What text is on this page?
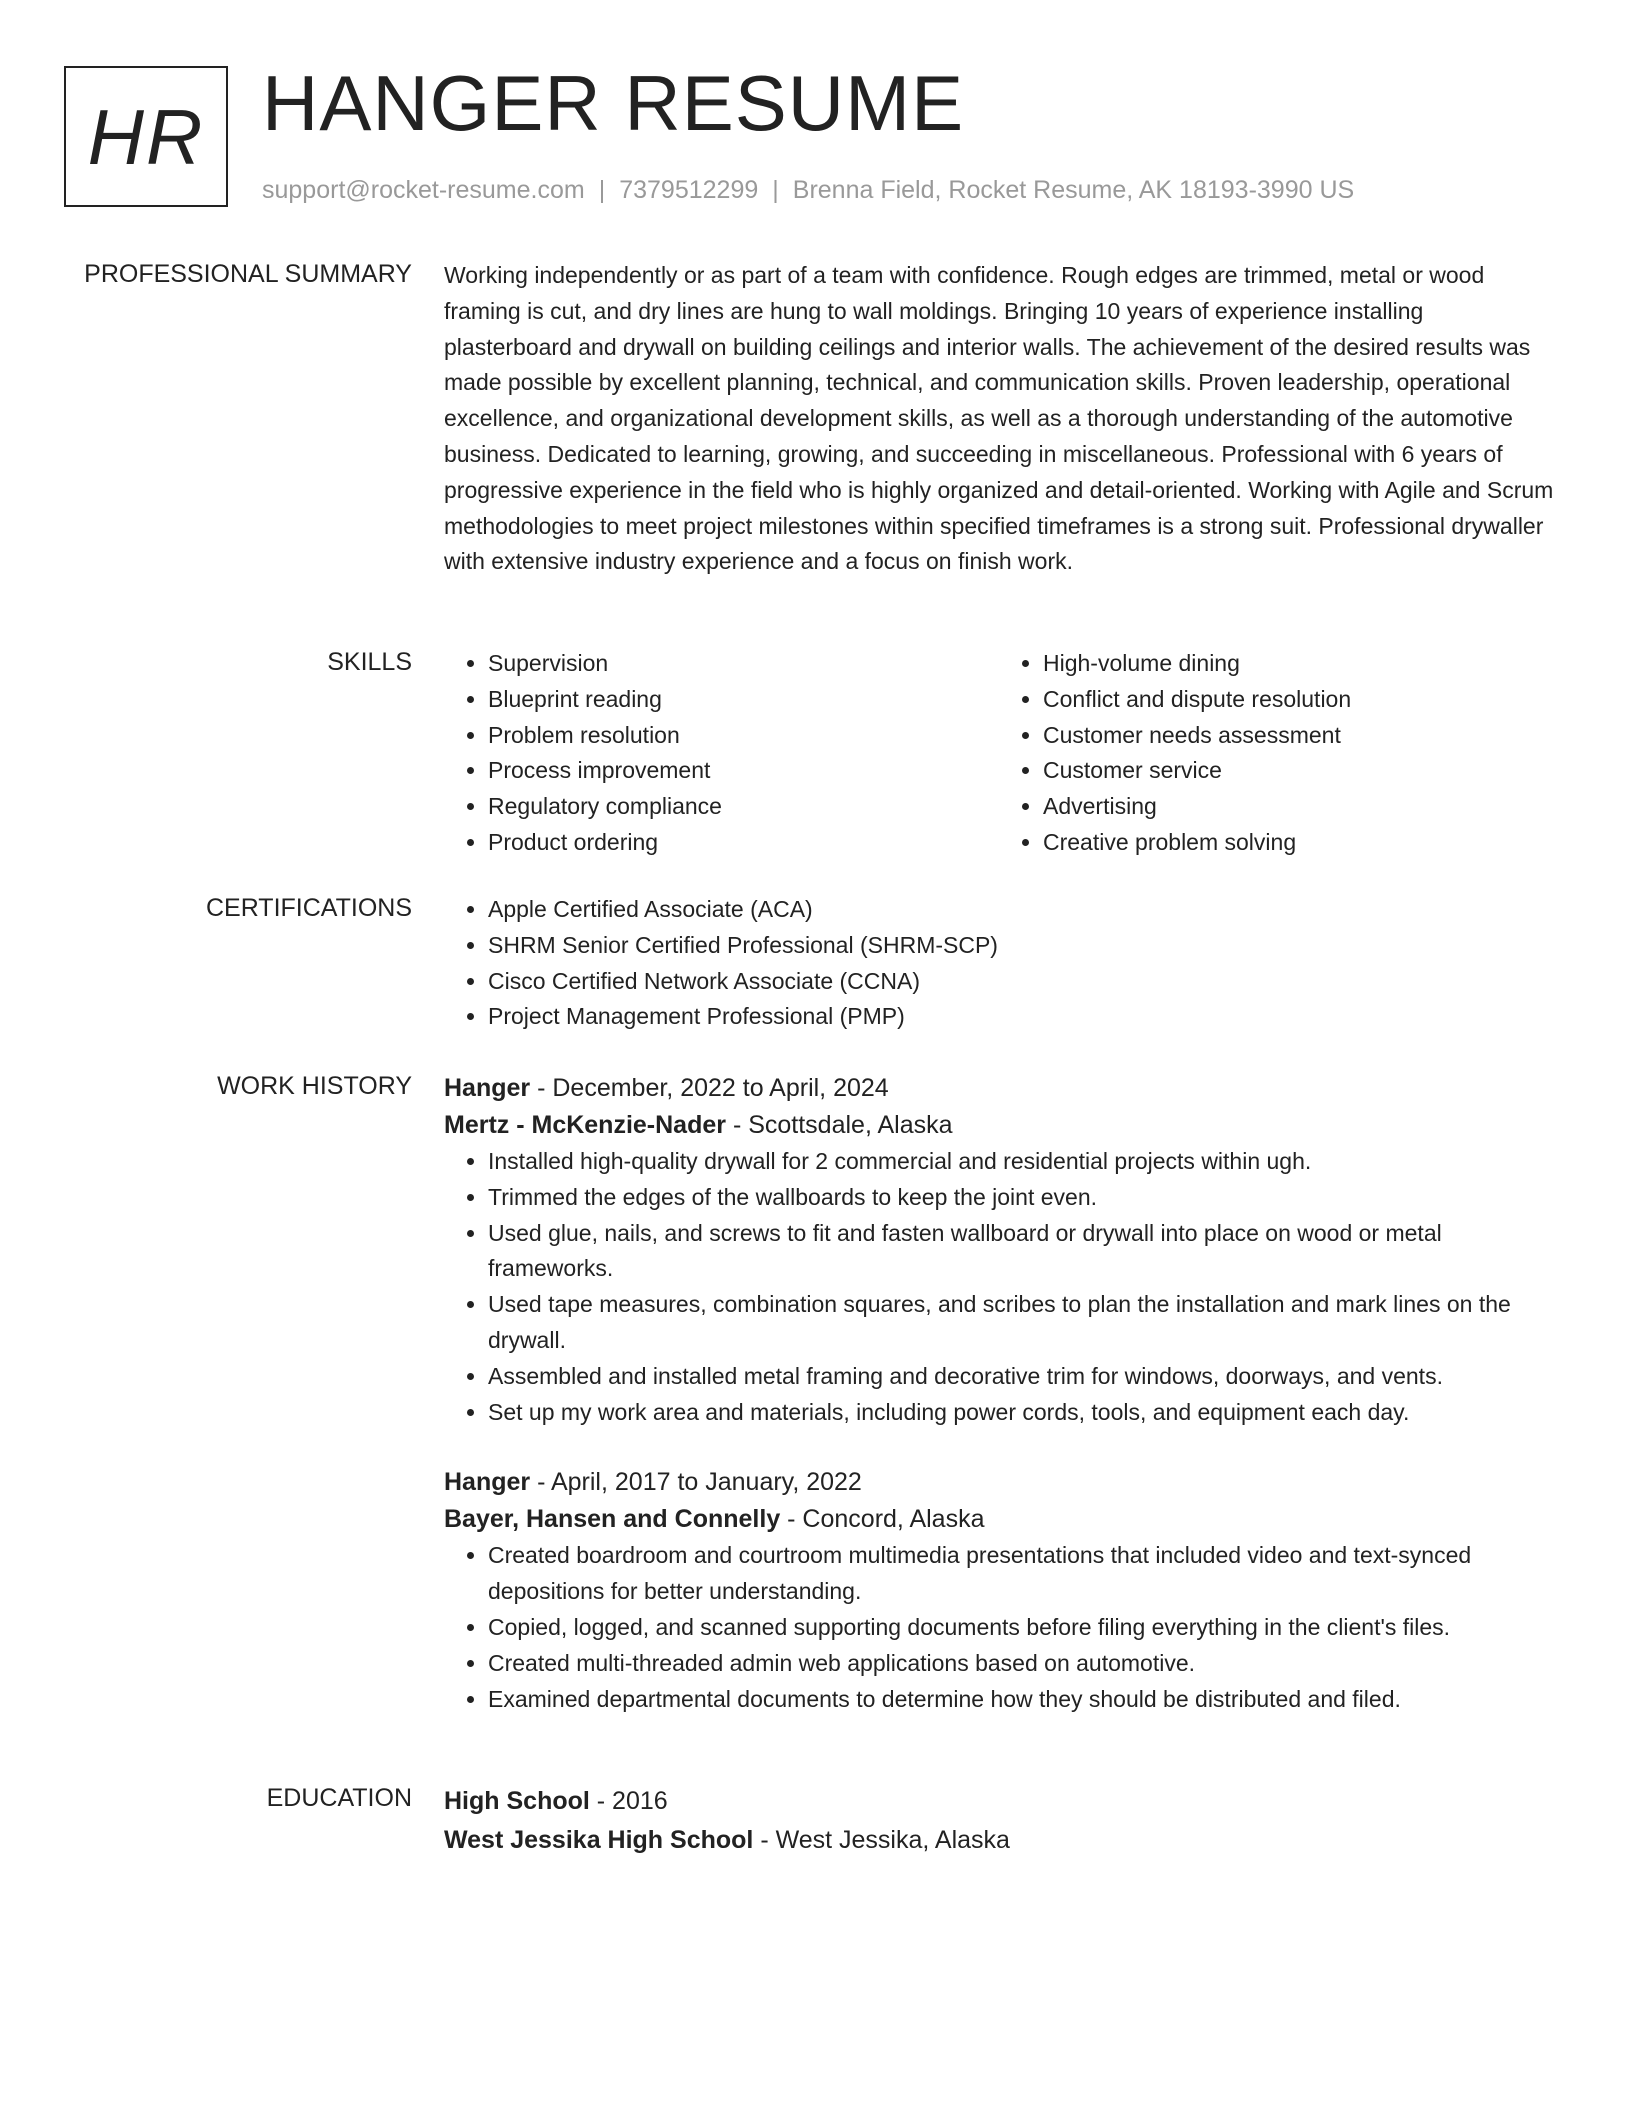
HR HANGER RESUME
support@rocket-resume.com | 7379512299 | Brenna Field, Rocket Resume, AK 18193-3990 US
PROFESSIONAL SUMMARY Working independently or as part of a team with confidence. Rough edges are trimmed, metal or wood framing is cut, and dry lines are hung to wall moldings. Bringing 10 years of experience installing plasterboard and drywall on building ceilings and interior walls. The achievement of the desired results was made possible by excellent planning, technical, and communication skills. Proven leadership, operational excellence, and organizational development skills, as well as a thorough understanding of the automotive business. Dedicated to learning, growing, and succeeding in miscellaneous. Professional with 6 years of progressive experience in the field who is highly organized and detail-oriented. Working with Agile and Scrum methodologies to meet project milestones within specified timeframes is a strong suit. Professional drywaller with extensive industry experience and a focus on finish work.

SKILLS	• Supervision
• Blueprint reading
• Problem resolution
• Process improvement
• Regulatory compliance
• Product ordering
• High-volume dining
• Conflict and dispute resolution
• Customer needs assessment
• Customer service
• Advertising
• Creative problem solving
CERTIFICATIONS	• Apple Certified Associate (ACA)
• SHRM Senior Certified Professional (SHRM-SCP)
• Cisco Certified Network Associate (CCNA)
• Project Management Professional (PMP)
WORK HISTORY Hanger - December, 2022 to April, 2024
Mertz - McKenzie-Nader - Scottsdale, Alaska
• Installed high-quality drywall for 2 commercial and residential projects within ugh.
• Trimmed the edges of the wallboards to keep the joint even.
• Used glue, nails, and screws to fit and fasten wallboard or drywall into place on wood or metal frameworks.
• Used tape measures, combination squares, and scribes to plan the installation and mark lines on the drywall.
• Assembled and installed metal framing and decorative trim for windows, doorways, and vents.
• Set up my work area and materials, including power cords, tools, and equipment each day.
Hanger - April, 2017 to January, 2022
Bayer, Hansen and Connelly - Concord, Alaska
• Created boardroom and courtroom multimedia presentations that included video and text-synced depositions for better understanding.
• Copied, logged, and scanned supporting documents before filing everything in the client's files.
• Created multi-threaded admin web applications based on automotive.
• Examined departmental documents to determine how they should be distributed and filed.
EDUCATION High School - 2016
West Jessika High School - West Jessika, Alaska
